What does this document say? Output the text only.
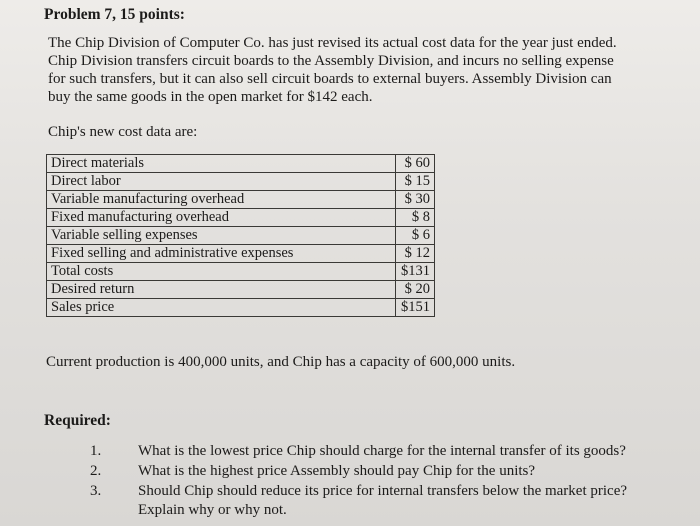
Problem 7, 15 points:
The Chip Division of Computer Co. has just revised its actual cost data for the year just ended.
Chip Division transfers circuit boards to the Assembly Division, and incurs no selling expense
for such transfers, but it can also sell circuit boards to external buyers. Assembly Division can
buy the same goods in the open market for $142 each.
Chip's new cost data are:
Direct materials	$ 60
Direct labor	$ 15
Variable manufacturing overhead	$ 30
Fixed manufacturing overhead	$ 8
Variable selling expenses	$ 6
Fixed selling and administrative expenses	$ 12
Total costs	$131
Desired return	$ 20
Sales price	$151
Current production is 400,000 units, and Chip has a capacity of 600,000 units.
Required:
1. What is the lowest price Chip should charge for the internal transfer of its goods?
2. What is the highest price Assembly should pay Chip for the units?
3. Should Chip should reduce its price for internal transfers below the market price?
Explain why or why not.
